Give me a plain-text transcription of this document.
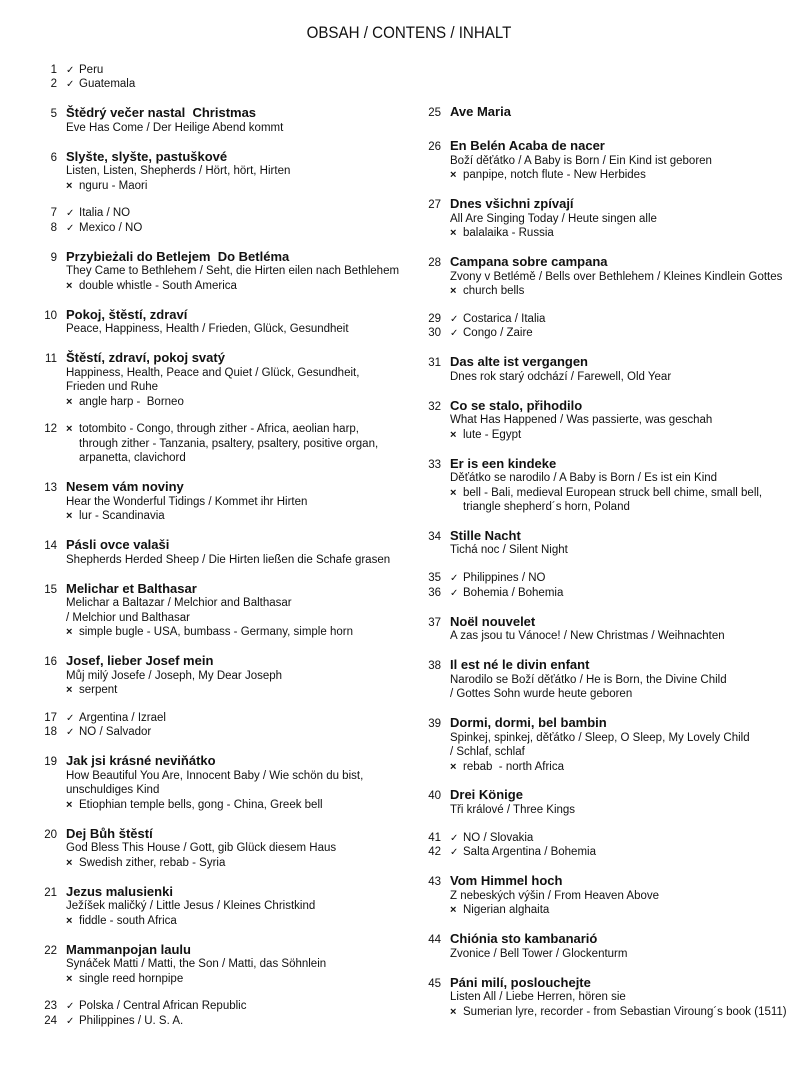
OBSAH / CONTENS / INHALT
1 ✓ Peru
2 ✓ Guatemala
5 Štědrý večer nastal  Christmas
Eve Has Come / Der Heilige Abend kommt
6 Slyšte, slyšte, pastuškové
Listen, Listen, Shepherds / Hört, hört, Hirten
× nguru - Maori
7 ✓ Italia / NO
8 ✓ Mexico / NO
9 Przybieżali do Betlejem  Do Betléma
They Came to Bethlehem / Seht, die Hirten eilen nach Bethlehem
× double whistle - South America
10 Pokoj, štěstí, zdraví
Peace, Happiness, Health / Frieden, Glück, Gesundheit
11 Štěstí, zdraví, pokoj svatý
Happiness, Health, Peace and Quiet / Glück, Gesundheit,
Frieden und Ruhe
× angle harp -  Borneo
12 × totombito - Congo, through zither - Africa, aeolian harp,
through zither - Tanzania, psaltery, psaltery, positive organ,
arpanetta, clavichord
13 Nesem vám noviny
Hear the Wonderful Tidings / Kommet ihr Hirten
× lur - Scandinavia
14 Pásli ovce valaši
Shepherds Herded Sheep / Die Hirten ließen die Schafe grasen
15 Melichar et Balthasar
Melichar a Baltazar / Melchior and Balthasar
/ Melchior und Balthasar
× simple bugle - USA, bumbass - Germany, simple horn
16 Josef, lieber Josef mein
Můj milý Josefe / Joseph, My Dear Joseph
× serpent
17 ✓ Argentina / Izrael
18 ✓ NO / Salvador
19 Jak jsi krásné neviňátko
How Beautiful You Are, Innocent Baby / Wie schön du bist,
unschuldiges Kind
× Etiophian temple bells, gong - China, Greek bell
20 Dej Bůh štěstí
God Bless This House / Gott, gib Glück diesem Haus
× Swedish zither, rebab - Syria
21 Jezus malusienki
Ježíšek maličký / Little Jesus / Kleines Christkind
× fiddle - south Africa
22 Mammanpojan laulu
Synáček Matti / Matti, the Son / Matti, das Söhnlein
× single reed hornpipe
23 ✓ Polska / Central African Republic
24 ✓ Philippines / U. S. A.
25 Ave Maria
26 En Belén Acaba de nacer
Boží děťátko / A Baby is Born / Ein Kind ist geboren
× panpipe, notch flute - New Herbides
27 Dnes všichni zpívají
All Are Singing Today / Heute singen alle
× balalaika - Russia
28 Campana sobre campana
Zvony v Betlémě / Bells over Bethlehem / Kleines Kindlein Gottes
× church bells
29 ✓ Costarica / Italia
30 ✓ Congo / Zaire
31 Das alte ist vergangen
Dnes rok starý odchází / Farewell, Old Year
32 Co se stalo, přihodilo
What Has Happened / Was passierte, was geschah
× lute - Egypt
33 Er is een kindeke
Děťátko se narodilo / A Baby is Born / Es ist ein Kind
× bell - Bali, medieval European struck bell chime, small bell,
triangle shepherd´s horn, Poland
34 Stille Nacht
Tichá noc / Silent Night
35 ✓ Philippines / NO
36 ✓ Bohemia / Bohemia
37 Noël nouvelet
A zas jsou tu Vánoce! / New Christmas / Weihnachten
38 Il est né le divin enfant
Narodilo se Boží děťátko / He is Born, the Divine Child
/ Gottes Sohn wurde heute geboren
39 Dormi, dormi, bel bambin
Spinkej, spinkej, děťátko / Sleep, O Sleep, My Lovely Child
/ Schlaf, schlaf
× rebab  - north Africa
40 Drei Könige
Tři králové / Three Kings
41 ✓ NO / Slovakia
42 ✓ Salta Argentina / Bohemia
43 Vom Himmel hoch
Z nebeských výšin / From Heaven Above
× Nigerian alghaita
44 Chiónia sto kambanarió
Zvonice / Bell Tower / Glockenturm
45 Páni milí, poslouchejte
Listen All / Liebe Herren, hören sie
× Sumerian lyre, recorder - from Sebastian Viroung´s book (1511)
